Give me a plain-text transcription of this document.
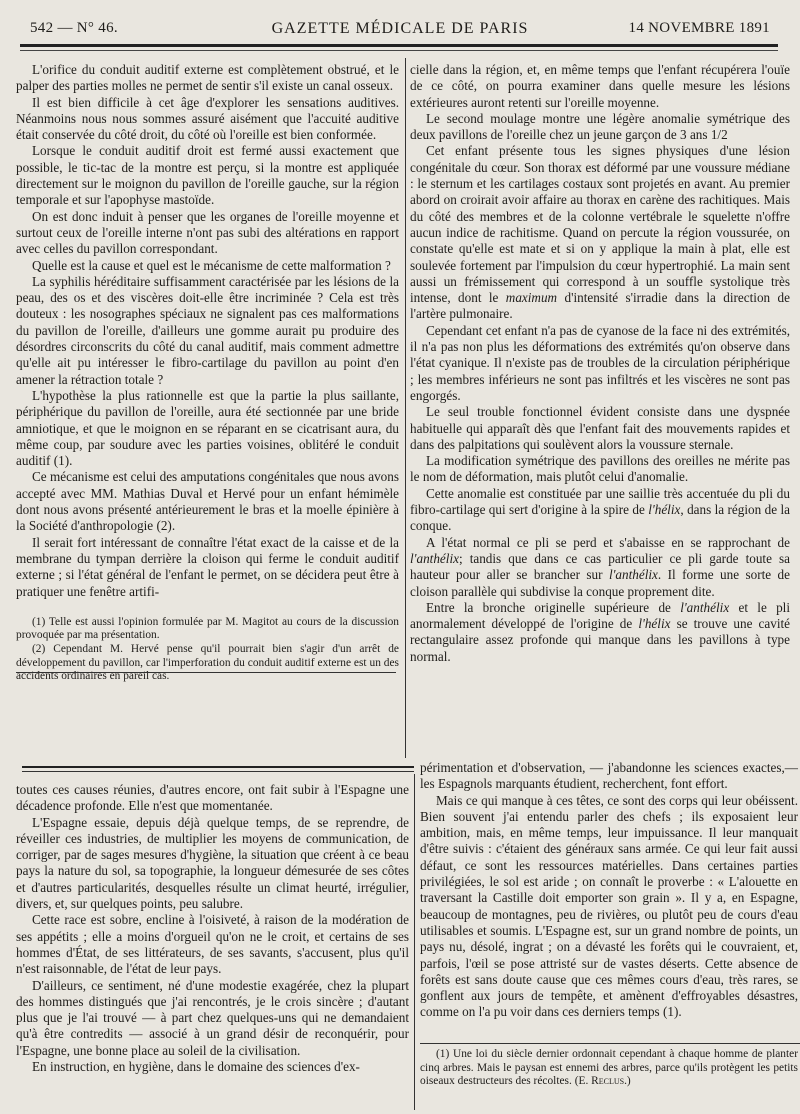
542 — N° 46.	GAZETTE MÉDICALE DE PARIS	14 NOVEMBRE 1891

L'orifice du conduit auditif externe est complètement obstrué, et le palper des parties molles ne permet de sentir s'il existe un canal osseux.

Il est bien difficile à cet âge d'explorer les sensations auditives. Néanmoins nous nous sommes assuré aisément que l'accuité auditive était conservée du côté droit, du côté où l'oreille est bien conformée.

Lorsque le conduit auditif droit est fermé aussi exactement que possible, le tic-tac de la montre est perçu, si la montre est appliquée directement sur le moignon du pavillon de l'oreille gauche, sur la région temporale et sur l'apophyse mastoïde.

On est donc induit à penser que les organes de l'oreille moyenne et surtout ceux de l'oreille interne n'ont pas subi des altérations en rapport avec celles du pavillon correspondant.

Quelle est la cause et quel est le mécanisme de cette malformation ?

La syphilis héréditaire suffisamment caractérisée par les lésions de la peau, des os et des viscères doit-elle être incriminée ? Cela est très douteux : les nosographes spéciaux ne signalent pas ces malformations du pavillon de l'oreille, d'ailleurs une gomme aurait pu produire des désordres circonscrits du côté du canal auditif, mais comment admettre qu'elle ait pu intéresser le fibro-cartilage du pavillon au point d'en amener la rétraction totale ?

L'hypothèse la plus rationnelle est que la partie la plus saillante, périphérique du pavillon de l'oreille, aura été sectionnée par une bride amniotique, et que le moignon en se réparant en se cicatrisant aura, du même coup, par soudure avec les parties voisines, oblitéré le conduit auditif (1).

Ce mécanisme est celui des amputations congénitales que nous avons accepté avec MM. Mathias Duval et Hervé pour un enfant hémimèle dont nous avons présenté antérieurement le bras et la moelle épinière à la Société d'anthropologie (2).

Il serait fort intéressant de connaître l'état exact de la caisse et de la membrane du tympan derrière la cloison qui ferme le conduit auditif externe ; si l'état général de l'enfant le permet, on se décidera peut être à pratiquer une fenêtre artifi-

(1) Telle est aussi l'opinion formulée par M. Magitot au cours de la discussion provoquée par ma présentation.

(2) Cependant M. Hervé pense qu'il pourrait bien s'agir d'un arrêt de développement du pavillon, car l'imperforation du conduit auditif externe est un des accidents ordinaires en pareil cas.

cielle dans la région, et, en même temps que l'enfant récupérera l'ouïe de ce côté, on pourra examiner dans quelle mesure les lésions extérieures auront retenti sur l'oreille moyenne.

Le second moulage montre une légère anomalie symétrique des deux pavillons de l'oreille chez un jeune garçon de 3 ans 1/2

Cet enfant présente tous les signes physiques d'une lésion congénitale du cœur. Son thorax est déformé par une voussure médiane : le sternum et les cartilages costaux sont projetés en avant. Au premier abord on croirait avoir affaire au thorax en carène des rachitiques. Mais du côté des membres et de la colonne vertébrale le squelette n'offre aucun indice de rachitisme. Quand on percute la région voussurée, on constate qu'elle est mate et si on y applique la main à plat, elle est soulevée fortement par l'impulsion du cœur hypertrophié. La main sent aussi un frémissement qui correspond à un souffle systolique très intense, dont le maximum d'intensité s'irradie dans la direction de l'artère pulmonaire.

Cependant cet enfant n'a pas de cyanose de la face ni des extrémités, il n'a pas non plus les déformations des extrémités qu'on observe dans l'état cyanique. Il n'existe pas de troubles de la circulation périphérique ; les membres inférieurs ne sont pas infiltrés et les viscères ne sont pas engorgés.

Le seul trouble fonctionnel évident consiste dans une dyspnée habituelle qui apparaît dès que l'enfant fait des mouvements rapides et dans des palpitations qui soulèvent alors la voussure sternale.

La modification symétrique des pavillons des oreilles ne mérite pas le nom de déformation, mais plutôt celui d'anomalie.

Cette anomalie est constituée par une saillie très accentuée du pli du fibro-cartilage qui sert d'origine à la spire de l'hélix, dans la région de la conque.

A l'état normal ce pli se perd et s'abaisse en se rapprochant de l'anthélix; tandis que dans ce cas particulier ce pli garde toute sa hauteur pour aller se brancher sur l'anthélix. Il forme une sorte de cloison parallèle qui subdivise la conque proprement dite.

Entre la bronche originelle supérieure de l'anthélix et le pli anormalement développé de l'origine de l'hélix se trouve une cavité rectangulaire assez profonde qui manque dans les pavillons à type normal.

toutes ces causes réunies, d'autres encore, ont fait subir à l'Espagne une décadence profonde. Elle n'est que momentanée.

L'Espagne essaie, depuis déjà quelque temps, de se reprendre, de réveiller ces industries, de multiplier les moyens de communication, de corriger, par de sages mesures d'hygiène, la situation que créent à ce beau pays la nature du sol, sa topographie, la longueur démesurée de ses côtes et d'autres particularités, desquelles résulte un climat heurté, irrégulier, divers, et, sur quelques points, peu salubre.

Cette race est sobre, encline à l'oisiveté, à raison de la modération de ses appétits ; elle a moins d'orgueil qu'on ne le croit, et certains de ses hommes d'État, de ses littérateurs, de ses savants, s'accusent, plus qu'il n'est raisonnable, de l'état de leur pays.

D'ailleurs, ce sentiment, né d'une modestie exagérée, chez la plupart des hommes distingués que j'ai rencontrés, je le crois sincère ; d'autant plus que je l'ai trouvé — à part chez quelques-uns qui ne demandaient qu'à être contredits — associé à un grand désir de reconquérir, pour l'Espagne, une bonne place au soleil de la civilisation.

En instruction, en hygiène, dans le domaine des sciences d'ex-

périmentation et d'observation, — j'abandonne les sciences exactes,—les Espagnols marquants étudient, recherchent, font effort.

Mais ce qui manque à ces têtes, ce sont des corps qui leur obéissent. Bien souvent j'ai entendu parler des chefs ; ils exposaient leur ambition, mais, en même temps, leur impuissance. Il leur manquait d'être suivis : c'étaient des généraux sans armée. Ce qui leur fait aussi défaut, ce sont les ressources matérielles. Dans certaines parties privilégiées, le sol est aride ; on connaît le proverbe : « L'alouette en traversant la Castille doit emporter son grain ». Il y a, en Espagne, beaucoup de montagnes, peu de rivières, ou plutôt peu de cours d'eau utilisables et soumis. L'Espagne est, sur un grand nombre de points, un pays nu, désolé, ingrat ; on a dévasté les forêts qui le couvraient, et, parfois, l'œil se pose attristé sur de vastes déserts. Cette absence de forêts est sans doute cause que ces mêmes cours d'eau, très rares, se gonflent aux jours de tempête, et amènent d'effroyables désastres, comme on l'a pu voir dans ces derniers temps (1).

(1) Une loi du siècle dernier ordonnait cependant à chaque homme de planter cinq arbres. Mais le paysan est ennemi des arbres, parce qu'ils protègent les petits oiseaux destructeurs des récoltes. (E. Reclus.)
